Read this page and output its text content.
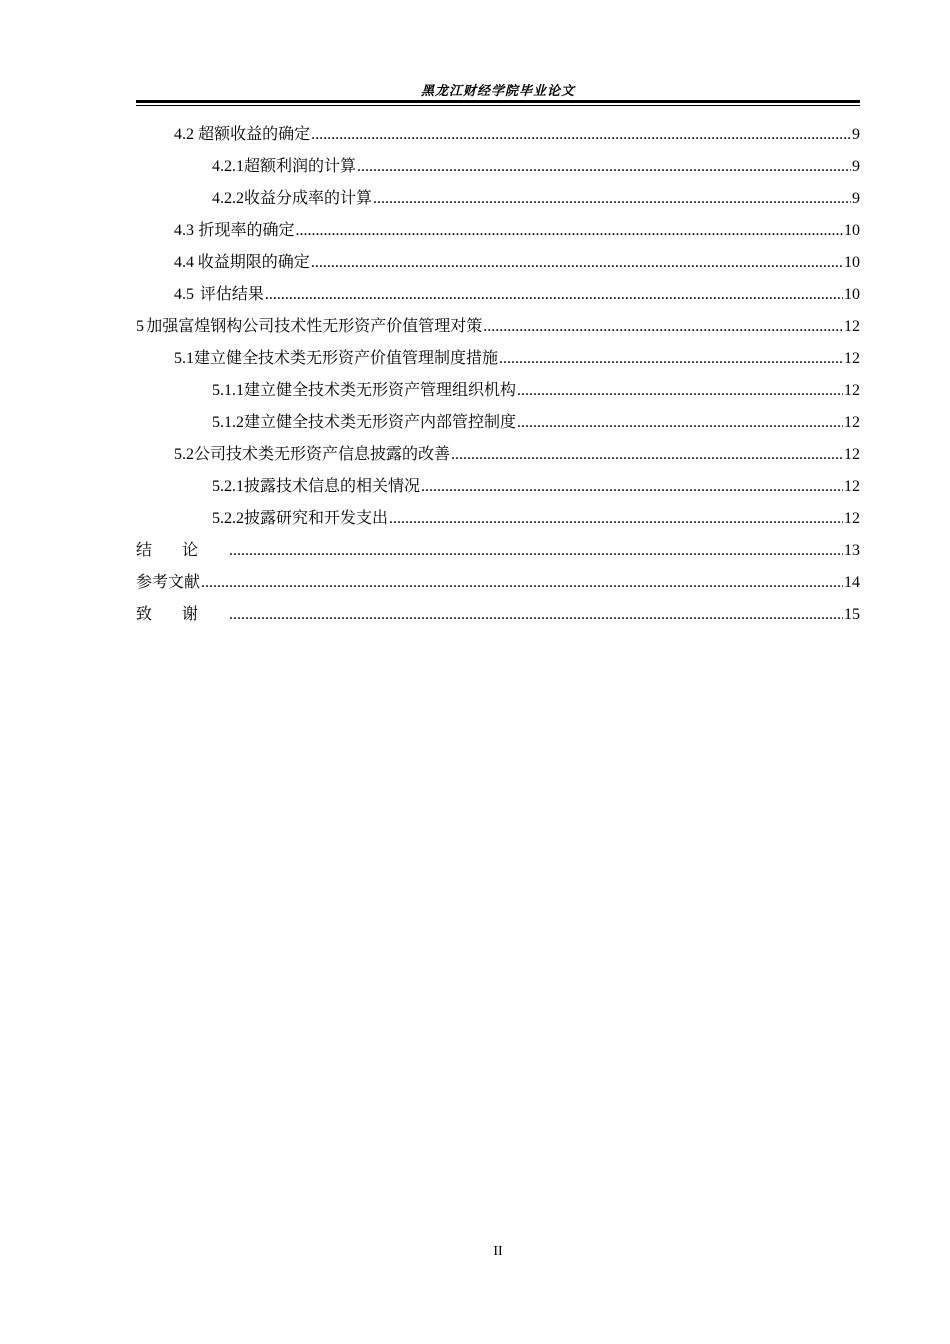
黑龙江财经学院毕业论文
4.2 超额收益的确定 .....	9
4.2.1 超额利润的计算 .....	9
4.2.2 收益分成率的计算 .....	9
4.3 折现率的确定 .....	10
4.4 收益期限的确定 .....	10
4.5 评估结果 .....	10
5 加强富煌钢构公司技术性无形资产价值管理对策 .....	12
5.1 建立健全技术类无形资产价值管理制度措施 .....	12
5.1.1 建立健全技术类无形资产管理组织机构 .....	12
5.1.2 建立健全技术类无形资产内部管控制度 .....	12
5.2 公司技术类无形资产信息披露的改善 .....	12
5.2.1 披露技术信息的相关情况 .....	12
5.2.2 披露研究和开发支出 .....	12
结论 .....	13
参考文献 .....	14
致谢 .....	15
II
